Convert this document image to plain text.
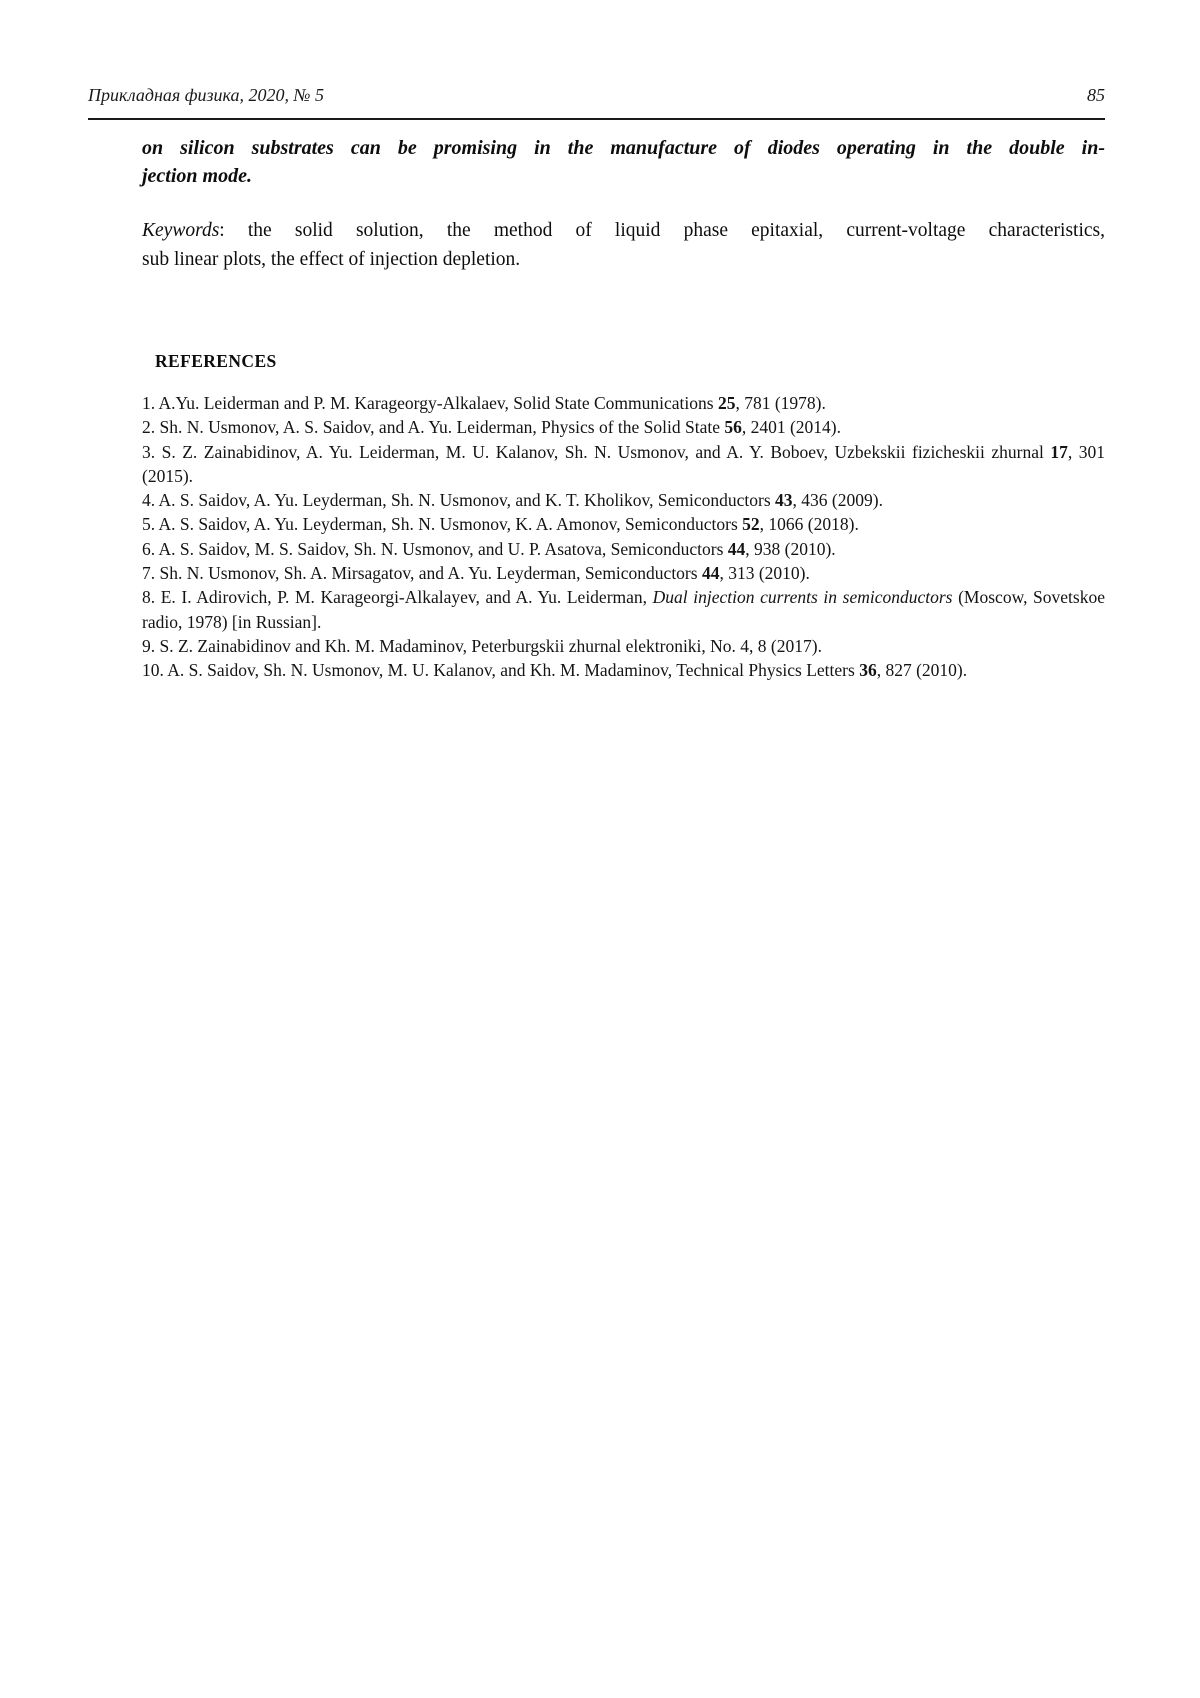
Прикладная физика, 2020, № 5	85

on silicon substrates can be promising in the manufacture of diodes operating in the double in-
jection mode.

Keywords: the solid solution, the method of liquid phase epitaxial, current-voltage characteristics,
sub linear plots, the effect of injection depletion.

REFERENCES

1. A.Yu. Leiderman and P. M. Karageorgy-Alkalaev, Solid State Communications 25, 781 (1978).

2. Sh. N. Usmonov, A. S. Saidov, and A. Yu. Leiderman, Physics of the Solid State 56, 2401 (2014).

3. S. Z. Zainabidinov, A. Yu. Leiderman, M. U. Kalanov, Sh. N. Usmonov, and A. Y. Boboev, Uzbekskii fizicheskii zhurnal 17, 301 (2015).

4. A. S. Saidov, A. Yu. Leyderman, Sh. N. Usmonov, and K. T. Kholikov, Semiconductors 43, 436 (2009).

5. A. S. Saidov, A. Yu. Leyderman, Sh. N. Usmonov, K. A. Amonov, Semiconductors 52, 1066 (2018).

6. A. S. Saidov, M. S. Saidov, Sh. N. Usmonov, and U. P. Asatova, Semiconductors 44, 938 (2010).

7. Sh. N. Usmonov, Sh. A. Mirsagatov, and A. Yu. Leyderman, Semiconductors 44, 313 (2010).

8. E. I. Adirovich, P. M. Karageorgi-Alkalayev, and A. Yu. Leiderman, Dual injection currents in semiconductors (Moscow, Sovetskoe radio, 1978) [in Russian].

9. S. Z. Zainabidinov and Kh. M. Madaminov, Peterburgskii zhurnal elektroniki, No. 4, 8 (2017).

10. A. S. Saidov, Sh. N. Usmonov, M. U. Kalanov, and Kh. M. Madaminov, Technical Physics Letters 36, 827 (2010).
